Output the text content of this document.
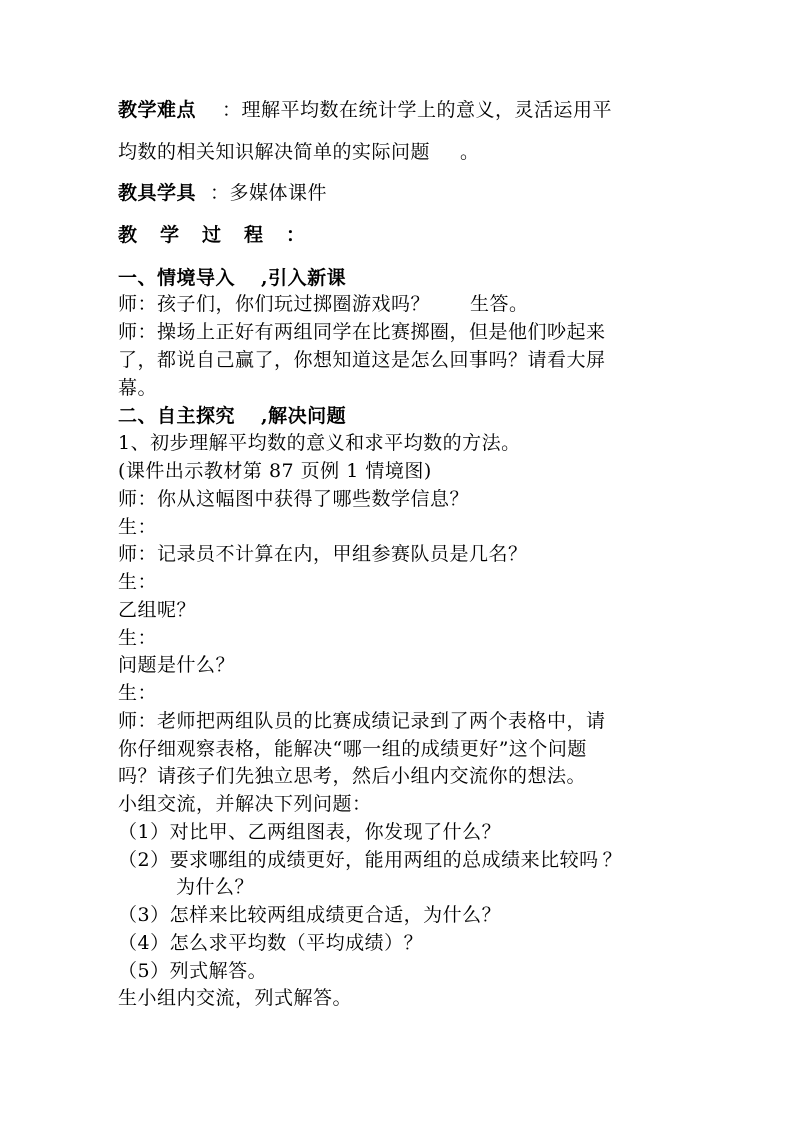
教学难点 ：理解平均数在统计学上的意义，灵活运用平
均数的相关知识解决简单的实际问题 。
教具学具 ：多媒体课件
教学过程：
一、情境导入 ,引入新课
师：孩子们，你们玩过掷圈游戏吗？ 生答。
师：操场上正好有两组同学在比赛掷圈，但是他们吵起来
了，都说自己赢了，你想知道这是怎么回事吗？请看大屏
幕。
二、自主探究 ,解决问题
1、初步理解平均数的意义和求平均数的方法。
(课件出示教材第 87 页例 1 情境图)
师：你从这幅图中获得了哪些数学信息？
生：
师：记录员不计算在内，甲组参赛队员是几名？
生：
乙组呢？
生：
问题是什么？
生：
师：老师把两组队员的比赛成绩记录到了两个表格中，请
你仔细观察表格，能解决“哪一组的成绩更好”这个问题
吗？请孩子们先独立思考，然后小组内交流你的想法。
小组交流，并解决下列问题：
（1）对比甲、乙两组图表，你发现了什么？
（2）要求哪组的成绩更好，能用两组的总成绩来比较吗 ？
为什么？
（3）怎样来比较两组成绩更合适，为什么？
（4）怎么求平均数（平均成绩）？
（5）列式解答。
生小组内交流，列式解答。
